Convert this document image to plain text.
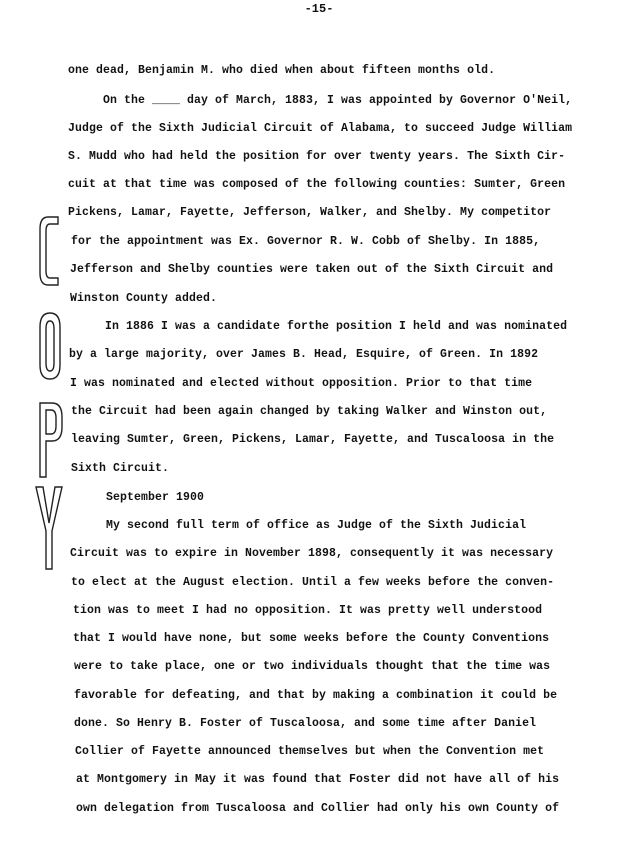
-15-
one dead, Benjamin M. who died when about fifteen months old.
On the ____ day of March, 1883, I was appointed by Governor O'Neil,
Judge of the Sixth Judicial Circuit of Alabama, to succeed Judge William
S. Mudd who had held the position for over twenty years. The Sixth Cir-
cuit at that time was composed of the following counties: Sumter, Green
Pickens, Lamar, Fayette, Jefferson, Walker, and Shelby. My competitor
for the appointment was Ex. Governor R. W. Cobb of Shelby. In 1885,
Jefferson and Shelby counties were taken out of the Sixth Circuit and
Winston County added.
In 1886 I was a candidate forthe position I held and was nominated
by a large majority, over James B. Head, Esquire, of Green. In 1892
I was nominated and elected without opposition. Prior to that time
the Circuit had been again changed by taking Walker and Winston out,
leaving Sumter, Green, Pickens, Lamar, Fayette, and Tuscaloosa in the
Sixth Circuit.
September 1900
My second full term of office as Judge of the Sixth Judicial
Circuit was to expire in November 1898, consequently it was necessary
to elect at the August election. Until a few weeks before the conven-
tion was to meet I had no opposition. It was pretty well understood
that I would have none, but some weeks before the County Conventions
were to take place, one or two individuals thought that the time was
favorable for defeating, and that by making a combination it could be
done. So Henry B. Foster of Tuscaloosa, and some time after Daniel
Collier of Fayette announced themselves but when the Convention met
at Montgomery in May it was found that Foster did not have all of his
own delegation from Tuscaloosa and Collier had only his own County of
